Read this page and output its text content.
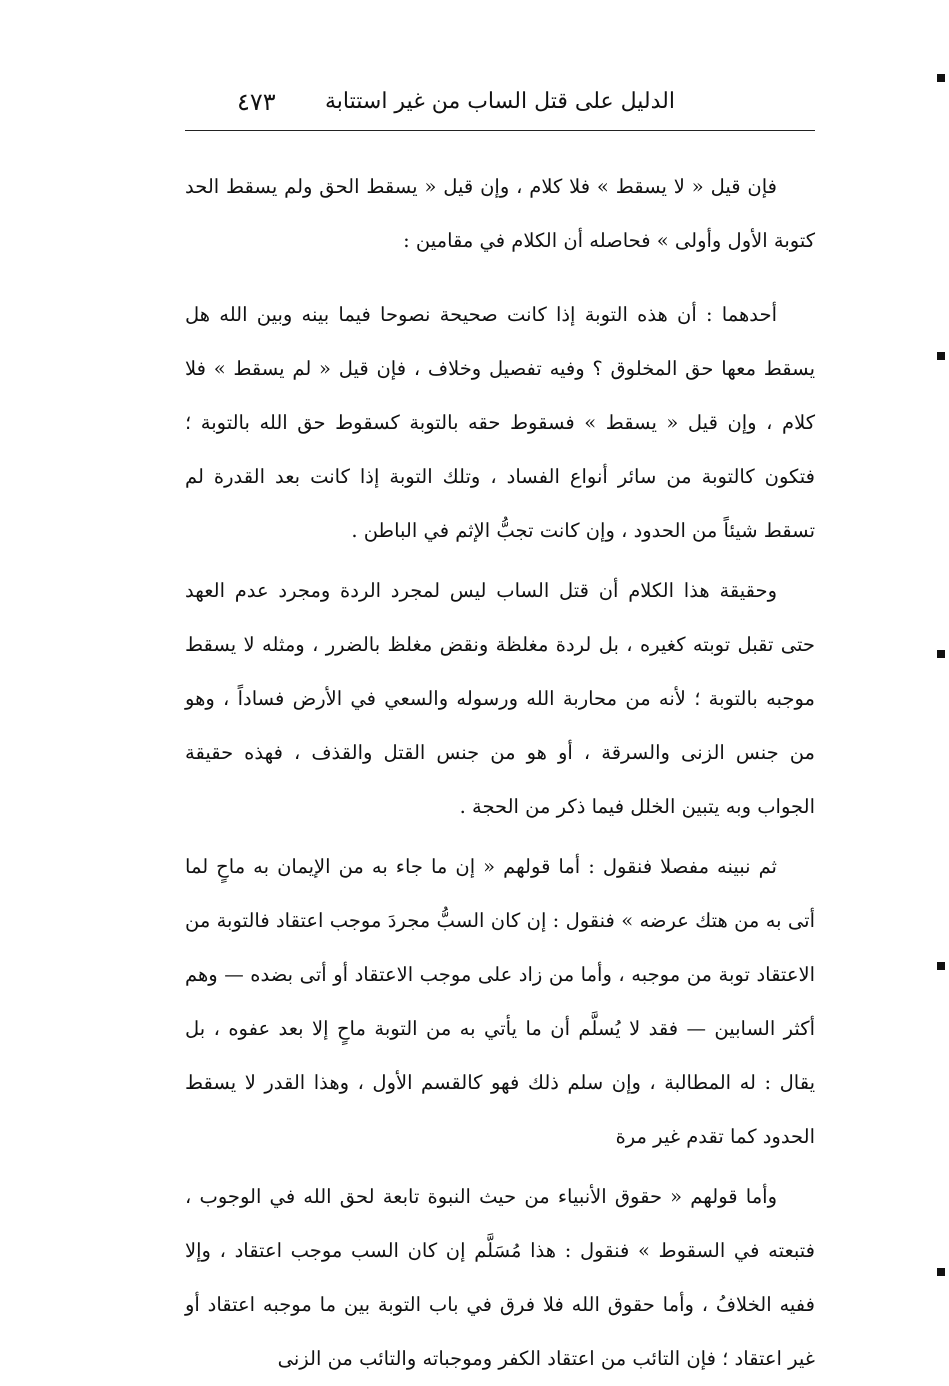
الدليل على قتل الساب من غير استتابة
٤٧٣

فإن قيل « لا يسقط » فلا كلام ، وإن قيل « يسقط الحق ولم يسقط الحد كتوبة الأول وأولى » فحاصله أن الكلام في مقامين :

أحدهما : أن هذه التوبة إذا كانت صحيحة نصوحا فيما بينه وبين الله هل يسقط معها حق المخلوق ؟ وفيه تفصيل وخلاف ، فإن قيل « لم يسقط » فلا كلام ، وإن قيل « يسقط » فسقوط حقه بالتوبة كسقوط حق الله بالتوبة ؛ فتكون كالتوبة من سائر أنواع الفساد ، وتلك التوبة إذا كانت بعد القدرة لم تسقط شيئاً من الحدود ، وإن كانت تجبُّ الإثم في الباطن .

وحقيقة هذا الكلام أن قتل الساب ليس لمجرد الردة ومجرد عدم العهد حتى تقبل توبته كغيره ، بل لردة مغلظة ونقض مغلظ بالضرر ، ومثله لا يسقط موجبه بالتوبة ؛ لأنه من محاربة الله ورسوله والسعي في الأرض فساداً ، وهو من جنس الزنى والسرقة ، أو هو من جنس القتل والقذف ، فهذه حقيقة الجواب وبه يتبين الخلل فيما ذكر من الحجة .

ثم نبينه مفصلا فنقول : أما قولهم « إن ما جاء به من الإيمان به ماحٍ لما أتى به من هتك عرضه » فنقول : إن كان السبُّ مجردَ موجب اعتقاد فالتوبة من الاعتقاد توبة من موجبه ، وأما من زاد على موجب الاعتقاد أو أتى بضده — وهم أكثر السابين — فقد لا يُسلَّم أن ما يأتي به من التوبة ماحٍ إلا بعد عفوه ، بل يقال : له المطالبة ، وإن سلم ذلك فهو كالقسم الأول ، وهذا القدر لا يسقط الحدود كما تقدم غير مرة

وأما قولهم « حقوق الأنبياء من حيث النبوة تابعة لحق الله في الوجوب ، فتبعته في السقوط » فنقول : هذا مُسَلَّم إن كان السب موجب اعتقاد ، وإلا ففيه الخلافُ ، وأما حقوق الله فلا فرق في باب التوبة بين ما موجبه اعتقاد أو غير اعتقاد ؛ فإن التائب من اعتقاد الكفر وموجباته والتائب من الزنى
